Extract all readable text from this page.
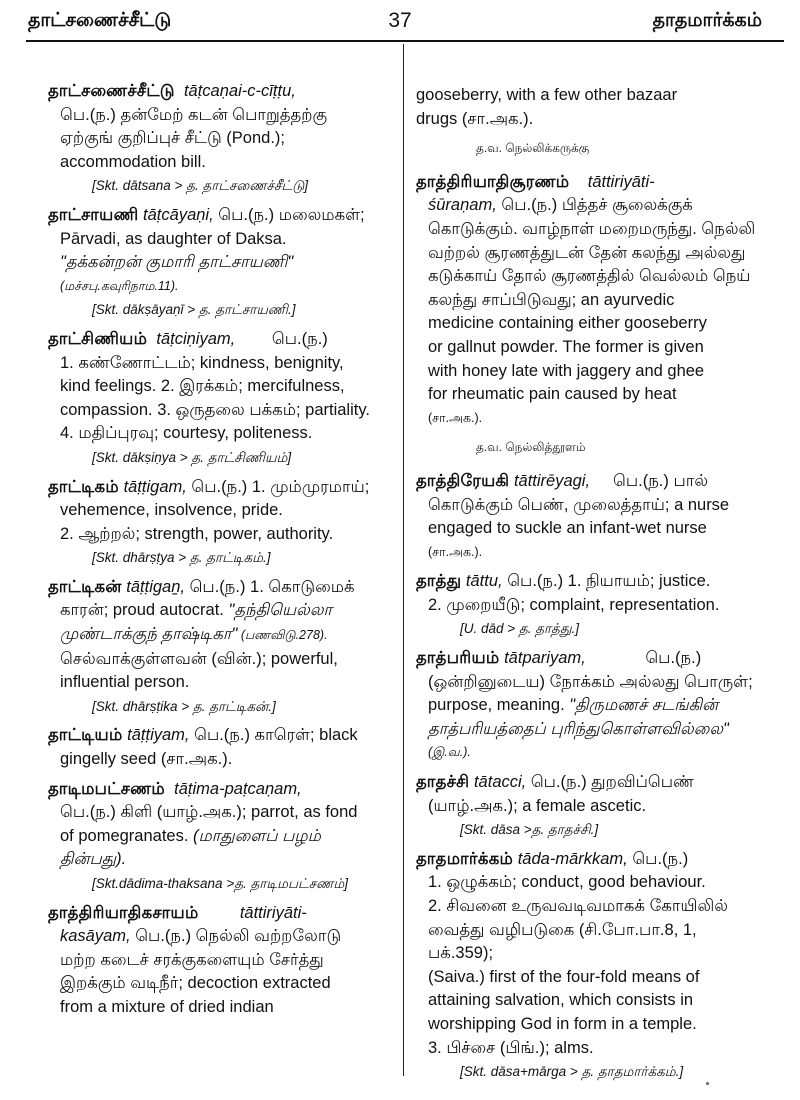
தாட்சணைச்சீட்டு	37	தாதமார்க்கம்

தாட்சணைச்சீட்டு tāṭcaṇai-c-cīṭṭu,

பெ.(ந.) தன்மேற் கடன் பொறுத்தற்கு

ஏற்குங் குறிப்புச் சீட்டு (Pond.);

accommodation bill.

[Skt. dātsana > த. தாட்சணைச்சீட்டு]

தாட்சாயணி tāṭcāyaṇi, பெ.(ந.) மலைமகள்;

Pārvadi, as daughter of Daksa.

"தக்கன்றன் குமாரி தாட்சாயணி"

(மச்சபு.கவுரிநாம.11).

[Skt. dākṣāyaṇī > த. தாட்சாயணி.]

தாட்சிணியம் tāṭciṇiyam,        பெ.(ந.)

1. கண்ணோட்டம்; kindness, benignity,

kind feelings. 2. இரக்கம்; mercifulness,

compassion. 3. ஒருதலை பக்கம்; partiality.

4. மதிப்புரவு; courtesy, politeness.

[Skt. dākṣiṇya > த. தாட்சிணியம்]

தாட்டிகம் tāṭṭigam, பெ.(ந.) 1. மும்முரமாய்;

vehemence, insolvence, pride.

2. ஆற்றல்; strength, power, authority.

[Skt. dhārṣṭya > த. தாட்டிகம்.]

தாட்டிகன் tāṭṭigaṉ, பெ.(ந.) 1. கொடுமைக்

காரன்; proud autocrat. "தந்தியெல்லா

முண்டாக்குந் தாஷ்டிகா" (பணவிடு.278).

செல்வாக்குள்ளவன் (வின்.); powerful,

influential person.

[Skt. dhārṣṭika > த. தாட்டிகன்.]

தாட்டியம் tāṭṭiyam, பெ.(ந.) காரெள்; black

gingelly seed (சா.அக.).

தாடிமபட்சணம் tāṭima-paṭcaṇam,

பெ.(ந.) கிளி (யாழ்.அக.); parrot, as fond

of pomegranates. (மாதுளைப் பழம்

தின்பது).

[Skt.dādima-thaksana >த. தாடிமபட்சணம்]

தாத்திரியாதிகசாயம்	tāttiriyāti-

kasāyam, பெ.(ந.) நெல்லி வற்றலோடு

மற்ற கடைச் சரக்குகளையும் சேர்த்து

இறக்கும் வடிநீர்; decoction extracted

from a mixture of dried indian

gooseberry, with a few other bazaar

drugs (சா.அக.).

த.வ. நெல்லிக்கருக்கு

தாத்திரியாதிசூரணம் tāttiriyāti-

śūraṇam, பெ.(ந.) பித்தச் சூலைக்குக்

கொடுக்கும். வாழ்நாள் மறைமருந்து. நெல்லி

வற்றல் சூரணத்துடன் தேன் கலந்து அல்லது

கடுக்காய் தோல் சூரணத்தில் வெல்லம் நெய்

கலந்து சாப்பிடுவது; an ayurvedic

medicine containing either gooseberry

or gallnut powder. The former is given

with honey late with jaggery and ghee

for rheumatic pain caused by heat

(சா.அக.).

த.வ. நெல்லித்தூளம்

தாத்திரேயகி tāttirēyagi,     பெ.(ந.) பால்

கொடுக்கும் பெண், முலைத்தாய்; a nurse

engaged to suckle an infant-wet nurse

(சா.அக.).

தாத்து tāttu, பெ.(ந.) 1. நியாயம்; justice.

2. முறையீடு; complaint, representation.

[U. dād > த. தாத்து.]

தாத்பரியம் tātpariyam,	பெ.(ந.)

(ஒன்றினுடைய) நோக்கம் அல்லது பொருள்;

purpose, meaning. "திருமணச் சடங்கின்

தாத்பரியத்தைப் புரிந்துகொள்ளவில்லை"

(இ.வ.).

தாதச்சி tātacci, பெ.(ந.) துறவிப்பெண்

(யாழ்.அக.); a female ascetic.

[Skt. dāsa >த. தாதச்சி.]

தாதமார்க்கம் tāda-mārkkam, பெ.(ந.)

1. ஒழுக்கம்; conduct, good behaviour.

2. சிவனை உருவவடிவமாகக் கோயிலில்

வைத்து வழிபடுகை (சி.போ.பா.8, 1, பக்.359);

(Saiva.) first of the four-fold means of

attaining salvation, which consists in

worshipping God in form in a temple.

3. பிச்சை (பிங்.); alms.

[Skt. dāsa+mārga > த. தாதமார்க்கம்.]
